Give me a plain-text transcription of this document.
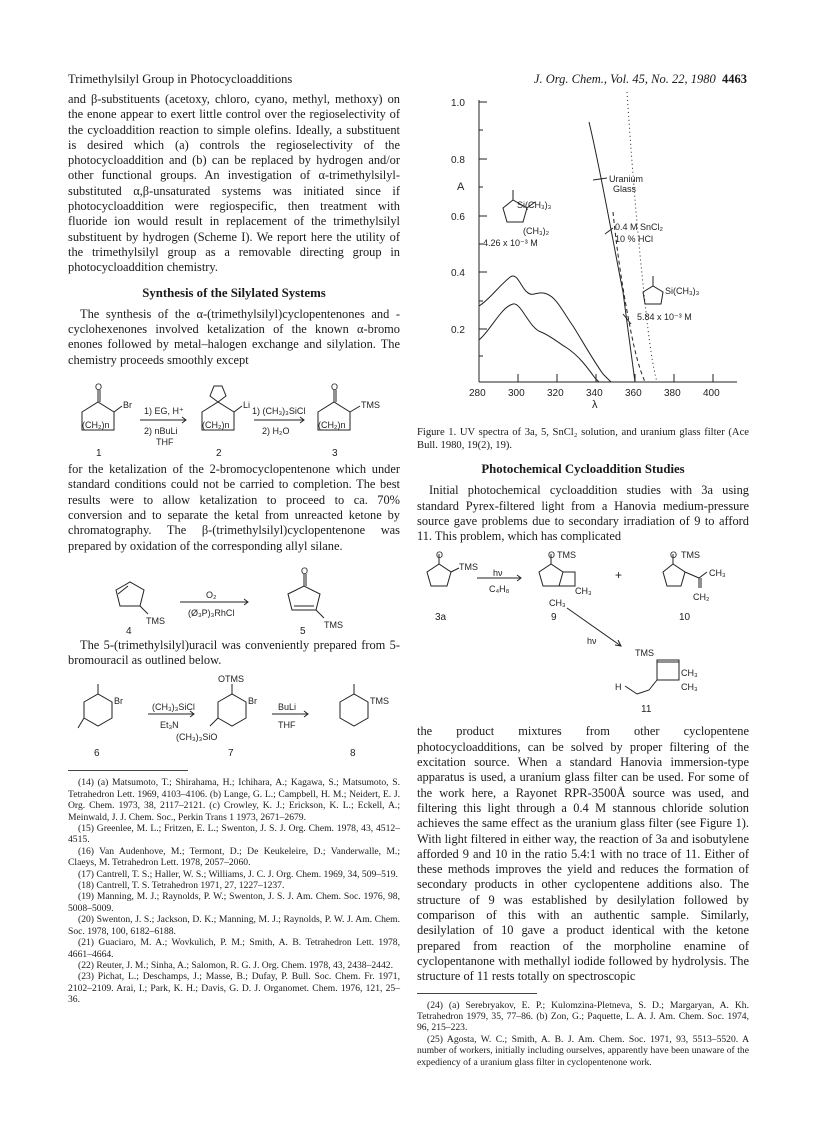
Trimethylsilyl Group in Photocycloadditions	J. Org. Chem., Vol. 45, No. 22, 1980 4463

and β-substituents (acetoxy, chloro, cyano, methyl, methoxy) on the enone appear to exert little control over the regioselectivity of the cycloaddition reaction to simple olefins. Ideally, a substituent is desired which (a) controls the regioselectivity of the photocycloaddition and (b) can be replaced by hydrogen and/or other functional groups. An investigation of α-trimethylsilyl-substituted α,β-unsaturated systems was initiated since if photocycloaddition were regiospecific, then treatment with fluoride ion would result in replacement of the trimethylsilyl substituent by hydrogen (Scheme I). We report here the utility of the trimethylsilyl group as a removable directing group in photocycloaddition chemistry.

Synthesis of the Silylated Systems

The synthesis of the α-(trimethylsilyl)cyclopentenones and -cyclohexenones involved ketalization of the known α-bromo enones followed by metal–halogen exchange and silylation. The chemistry proceeds smoothly except

O
Br
(CH₂)n
1) EG, H⁺
2) nBuLi
THF
Li
(CH₂)n
1) (CH₃)₃SiCl
2) H₂O
O
TMS
(CH₂)n
1	2	3

for the ketalization of the 2-bromocyclopentenone which under standard conditions could not be carried to completion. The best results were to allow ketalization to proceed to ca. 70% conversion and to separate the ketal from unreacted ketone by chromatography. The β-(trimethylsilyl)cyclopentenone was prepared by oxidation of the corresponding allyl silane.

TMS
O₂
(Ø₃P)₃RhCl
O
TMS
4	5

The 5-(trimethylsilyl)uracil was conveniently prepared from 5-bromouracil as outlined below.

Br
(CH₃)₃SiCl
Et₃N
OTMS
Br
(CH₃)₃SiO
BuLi
THF
TMS
6	7	8

(14) (a) Matsumoto, T.; Shirahama, H.; Ichihara, A.; Kagawa, S.; Matsumoto, S. Tetrahedron Lett. 1969, 4103–4106. (b) Lange, G. L.; Campbell, H. M.; Neidert, E. J. Org. Chem. 1973, 38, 2117–2121. (c) Crowley, K. J.; Erickson, K. L.; Eckell, A.; Meinwald, J. J. Chem. Soc., Perkin Trans 1 1973, 2671–2679.

(15) Greenlee, M. L.; Fritzen, E. L.; Swenton, J. S. J. Org. Chem. 1978, 43, 4512–4515.

(16) Van Audenhove, M.; Termont, D.; De Keukeleire, D.; Vanderwalle, M.; Claeys, M. Tetrahedron Lett. 1978, 2057–2060.

(17) Cantrell, T. S.; Haller, W. S.; Williams, J. C. J. Org. Chem. 1969, 34, 509–519.

(18) Cantrell, T. S. Tetrahedron 1971, 27, 1227–1237.

(19) Manning, M. J.; Raynolds, P. W.; Swenton, J. S. J. Am. Chem. Soc. 1976, 98, 5008–5009.

(20) Swenton, J. S.; Jackson, D. K.; Manning, M. J.; Raynolds, P. W. J. Am. Chem. Soc. 1978, 100, 6182–6188.

(21) Guaciaro, M. A.; Wovkulich, P. M.; Smith, A. B. Tetrahedron Lett. 1978, 4661–4664.

(22) Reuter, J. M.; Sinha, A.; Salomon, R. G. J. Org. Chem. 1978, 43, 2438–2442.

(23) Pichat, L.; Deschamps, J.; Masse, B.; Dufay, P. Bull. Soc. Chem. Fr. 1971, 2102–2109. Arai, I.; Park, K. H.; Davis, G. D. J. Organomet. Chem. 1976, 121, 25–36.

1.0
0.8
0.6
0.4
0.2
A
280 300 320 340 360 380 400
λ
Uranium
Glass
0.4 M SnCl₂
10 % HCl
Si(CH₃)₃
(CH₃)₂
4.26 x 10⁻³ M
Si(CH₃)₃
5.84 x 10⁻³ M

Figure 1. UV spectra of 3a, 5, SnCl₂ solution, and uranium glass filter (Ace Bull. 1980, 19(2), 19).

Photochemical Cycloaddition Studies

Initial photochemical cycloaddition studies with 3a using standard Pyrex-filtered light from a Hanovia medium-pressure source gave problems due to secondary irradiation of 9 to afford 11. This problem, which has complicated

O
TMS
hν
C₄H₈
O TMS
CH₃
CH₃
+
O TMS
CH₃
CH₂
3a	9	10
hν
TMS
CH₃
CH₃
H
11

the product mixtures from other cyclopentene photocycloadditions, can be solved by proper filtering of the excitation source. When a standard Hanovia immersion-type apparatus is used, a uranium glass filter can be used. For some of the work here, a Rayonet RPR-3500Å source was used, and filtering this light through a 0.4 M stannous chloride solution achieves the same effect as the uranium glass filter (see Figure 1). With light filtered in either way, the reaction of 3a and isobutylene afforded 9 and 10 in the ratio 5.4:1 with no trace of 11. Either of these methods improves the yield and reduces the formation of secondary products in other cyclopentene additions also. The structure of 9 was established by desilylation followed by comparison of this with an authentic sample. Similarly, desilylation of 10 gave a product identical with the ketone prepared from reaction of the morpholine enamine of cyclopentanone with methallyl iodide followed by hydrolysis. The structure of 11 rests totally on spectroscopic

(24) (a) Serebryakov, E. P.; Kulomzina-Pletneva, S. D.; Margaryan, A. Kh. Tetrahedron 1979, 35, 77–86. (b) Zon, G.; Paquette, L. A. J. Am. Chem. Soc. 1974, 96, 215–223.

(25) Agosta, W. C.; Smith, A. B. J. Am. Chem. Soc. 1971, 93, 5513–5520. A number of workers, initially including ourselves, apparently have been unaware of the expediency of a uranium glass filter in cyclopentenone work.
